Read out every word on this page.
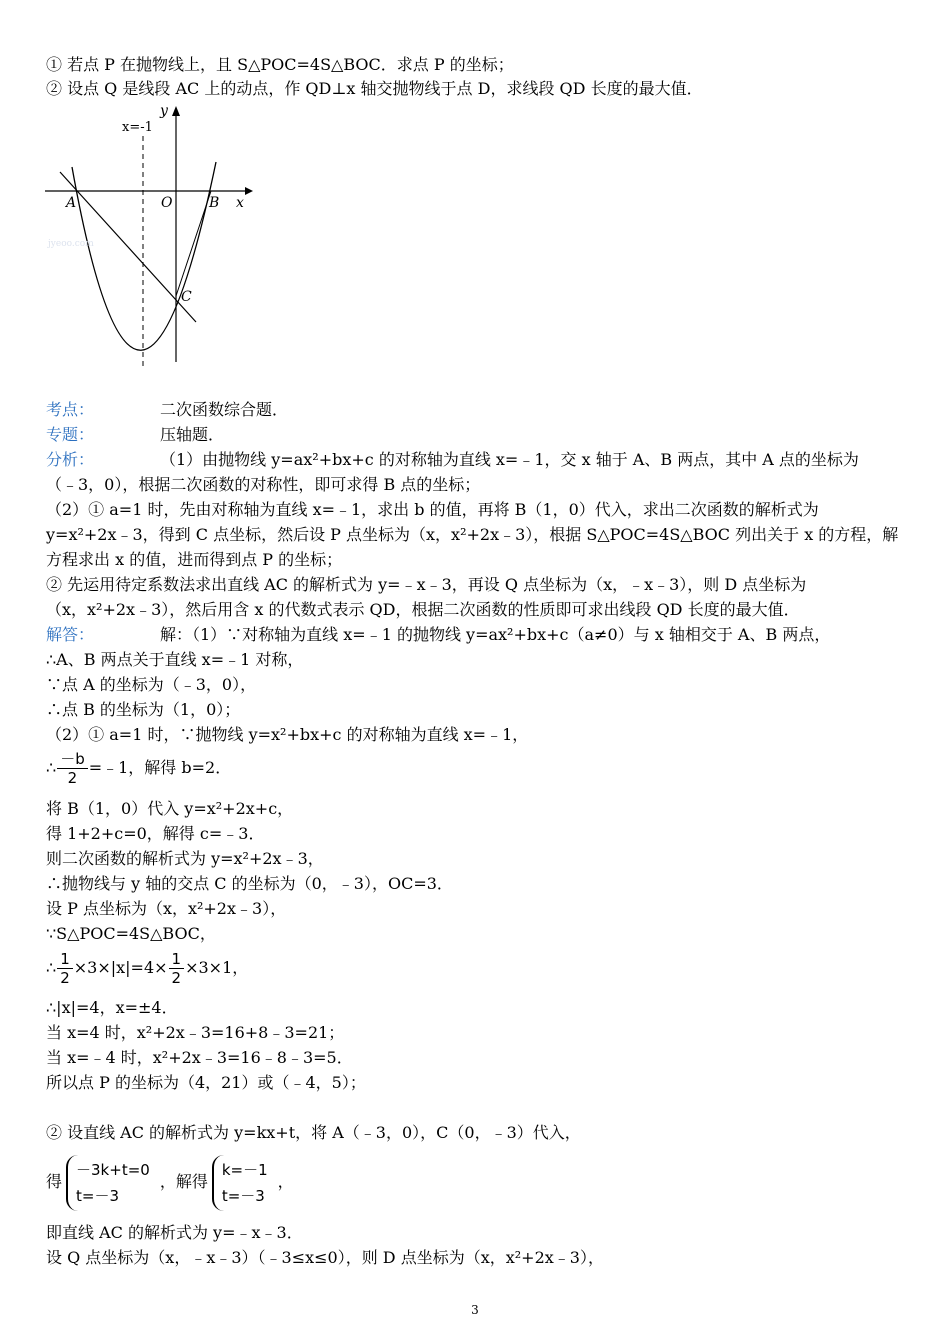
① 若点 P 在抛物线上，且 S△POC=4S△BOC．求点 P 的坐标；
② 设点 Q 是线段 AC 上的动点，作 QD⊥x 轴交抛物线于点 D，求线段 QD 长度的最大值．
x=-1
y
x
A	O	B
C
jyeoo.com
考点：	二次函数综合题．
专题：	压轴题．
分析：	（1）由抛物线 y=ax²+bx+c 的对称轴为直线 x=﹣1，交 x 轴于 A、B 两点，其中 A 点的坐标为
（﹣3，0），根据二次函数的对称性，即可求得 B 点的坐标；
（2）① a=1 时，先由对称轴为直线 x=﹣1，求出 b 的值，再将 B（1，0）代入，求出二次函数的解析式为
y=x²+2x﹣3，得到 C 点坐标，然后设 P 点坐标为（x，x²+2x﹣3），根据 S△POC=4S△BOC 列出关于 x 的方程，解
方程求出 x 的值，进而得到点 P 的坐标；
② 先运用待定系数法求出直线 AC 的解析式为 y=﹣x﹣3，再设 Q 点坐标为（x，﹣x﹣3），则 D 点坐标为
（x，x²+2x﹣3），然后用含 x 的代数式表示 QD，根据二次函数的性质即可求出线段 QD 长度的最大值．
解答：	解：（1）∵对称轴为直线 x=﹣1 的抛物线 y=ax²+bx+c（a≠0）与 x 轴相交于 A、B 两点，
∴A、B 两点关于直线 x=﹣1 对称，
∵点 A 的坐标为（﹣3，0），
∴点 B 的坐标为（1，0）；
（2）① a=1 时，∵抛物线 y=x²+bx+c 的对称轴为直线 x=﹣1，
∴ $\frac{-b}{2}$ =﹣1，解得 b=2．
将 B（1，0）代入 y=x²+2x+c，
得 1+2+c=0，解得 c=﹣3．
则二次函数的解析式为 y=x²+2x﹣3，
∴抛物线与 y 轴的交点 C 的坐标为（0，﹣3），OC=3．
设 P 点坐标为（x，x²+2x﹣3），
∵S△POC=4S△BOC，
∴ $\frac{1}{2} \times 3\times|x|=4\times \frac{1}{2} \times 3\times 1$，
∴|x|=4，x=±4．
当 x=4 时，x²+2x﹣3=16+8﹣3=21；
当 x=﹣4 时，x²+2x﹣3=16﹣8﹣3=5．
所以点 P 的坐标为（4，21）或（﹣4，5）；
② 设直线 AC 的解析式为 y=kx+t，将 A（﹣3，0），C（0，﹣3）代入，
得
－3k+t=0
t=－3
，解得
k=－1
t=－3
，
即直线 AC 的解析式为 y=﹣x﹣3．
设 Q 点坐标为（x，﹣x﹣3）（﹣3≤x≤0），则 D 点坐标为（x，x²+2x﹣3），
3
